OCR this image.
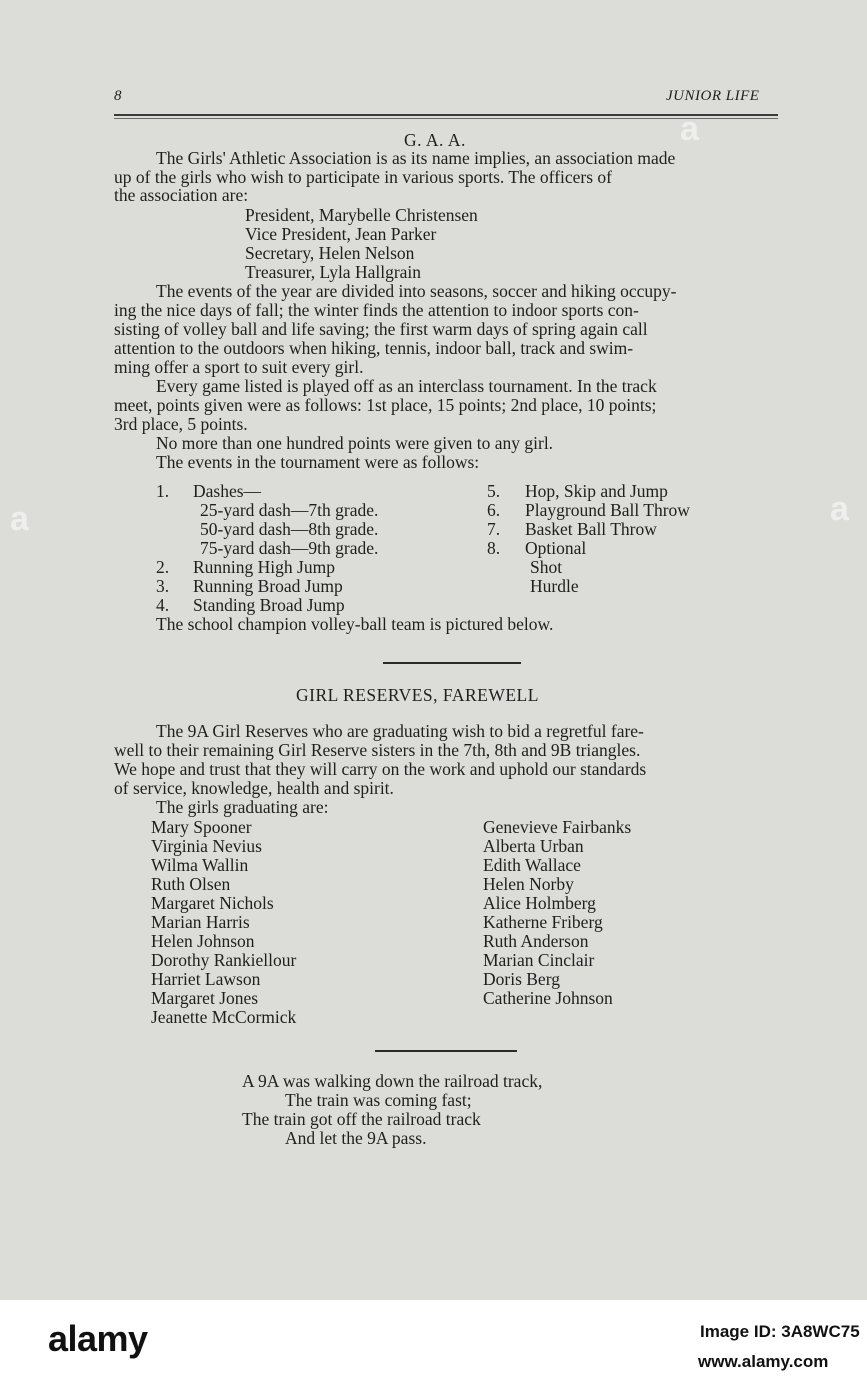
8	JUNIOR LIFE
G. A. A.
The Girls' Athletic Association is as its name implies, an association made
up of the girls who wish to participate in various sports. The officers of
the association are:
President, Marybelle Christensen
Vice President, Jean Parker
Secretary, Helen Nelson
Treasurer, Lyla Hallgrain
The events of the year are divided into seasons, soccer and hiking occupy-
ing the nice days of fall; the winter finds the attention to indoor sports con-
sisting of volley ball and life saving; the first warm days of spring again call
attention to the outdoors when hiking, tennis, indoor ball, track and swim-
ming offer a sport to suit every girl.
Every game listed is played off as an interclass tournament. In the track
meet, points given were as follows: 1st place, 15 points; 2nd place, 10 points;
3rd place, 5 points.
No more than one hundred points were given to any girl.
The events in the tournament were as follows:
1. Dashes—
25-yard dash—7th grade.
50-yard dash—8th grade.
75-yard dash—9th grade.
2. Running High Jump
3. Running Broad Jump
4. Standing Broad Jump
5. Hop, Skip and Jump
6. Playground Ball Throw
7. Basket Ball Throw
8. Optional
Shot
Hurdle
The school champion volley-ball team is pictured below.
GIRL RESERVES, FAREWELL
The 9A Girl Reserves who are graduating wish to bid a regretful fare-
well to their remaining Girl Reserve sisters in the 7th, 8th and 9B triangles.
We hope and trust that they will carry on the work and uphold our standards
of service, knowledge, health and spirit.
The girls graduating are:
Mary Spooner
Virginia Nevius
Wilma Wallin
Ruth Olsen
Margaret Nichols
Marian Harris
Helen Johnson
Dorothy Rankiellour
Harriet Lawson
Margaret Jones
Jeanette McCormick
Genevieve Fairbanks
Alberta Urban
Edith Wallace
Helen Norby
Alice Holmberg
Katherne Friberg
Ruth Anderson
Marian Cinclair
Doris Berg
Catherine Johnson
A 9A was walking down the railroad track,
The train was coming fast;
The train got off the railroad track
And let the 9A pass.
a
a	a
alamy	Image ID: 3A8WC75
www.alamy.com
